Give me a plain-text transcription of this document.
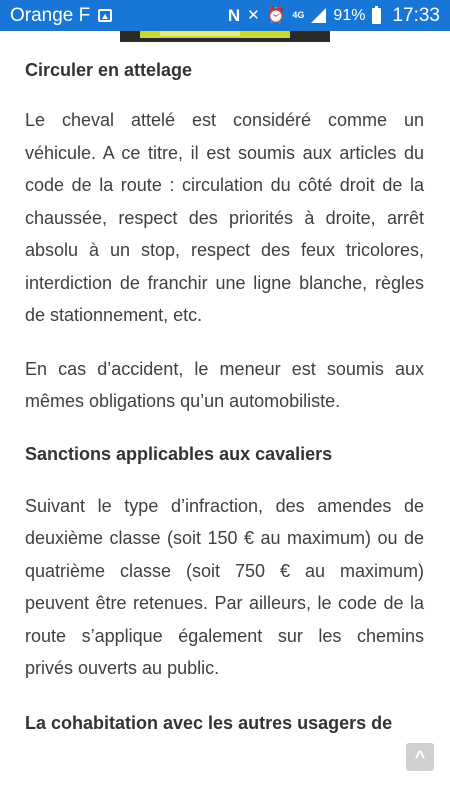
Orange F	N ✕ ⏰ 4G 91% 17:33
Circuler en attelage

Le cheval attelé est considéré comme un véhicule. A ce titre, il est soumis aux articles du code de la route : circulation du côté droit de la chaussée, respect des priorités à droite, arrêt absolu à un stop, respect des feux tricolores, interdiction de franchir une ligne blanche, règles de stationnement, etc.

En cas d’accident, le meneur est soumis aux mêmes obligations qu’un automobiliste.

Sanctions applicables aux cavaliers

Suivant le type d’infraction, des amendes de deuxième classe (soit 150 € au maximum) ou de quatrième classe (soit 750 € au maximum) peuvent être retenues. Par ailleurs, le code de la route s’applique également sur les chemins privés ouverts au public.

La cohabitation avec les autres usagers de
^
